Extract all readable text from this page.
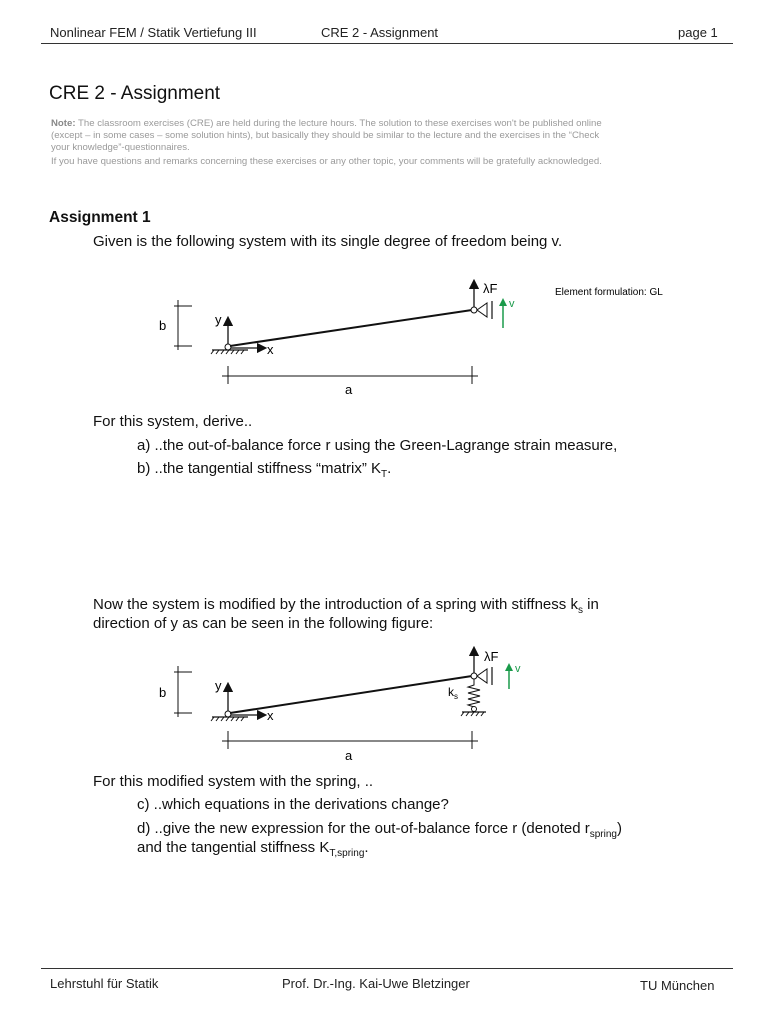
Nonlinear FEM / Statik Vertiefung III	CRE 2 - Assignment	page 1
CRE 2 - Assignment
Note: The classroom exercises (CRE) are held during the lecture hours. The solution to these exercises won't be published online
(except – in some cases – some solution hints), but basically they should be similar to the lecture and the exercises in the “Check
your knowledge”-questionnaires.
If you have questions and remarks concerning these exercises or any other topic, your comments will be gratefully acknowledged.
Assignment 1
Given is the following system with its single degree of freedom being v.
b	y
x
λF
v
Element formulation: GL
a
For this system, derive..
a) ..the out-of-balance force r using the Green-Lagrange strain measure,
b) ..the tangential stiffness “matrix” $K_T$.
Now the system is modified by the introduction of a spring with stiffness $k_s$ in
direction of y as can be seen in the following figure:
b	y
x
$k_s$
λF
v
a
For this modified system with the spring, ..
c) ..which equations in the derivations change?
d) ..give the new expression for the out-of-balance force r (denoted $r_{spring}$)
and the tangential stiffness $K_{T,spring}$.
Lehrstuhl für Statik	Prof. Dr.-Ing. Kai-Uwe Bletzinger	TU München
